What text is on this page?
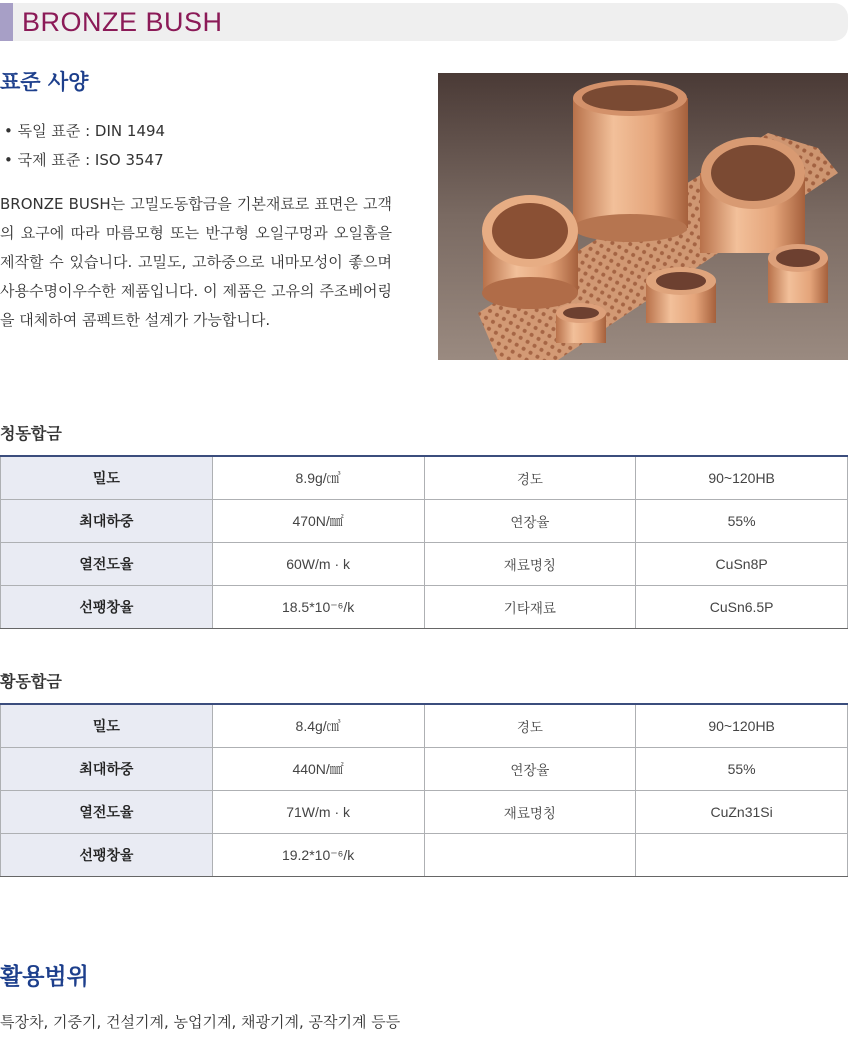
BRONZE BUSH
표준 사양
• 독일 표준 : DIN 1494
• 국제 표준 : ISO 3547
BRONZE BUSH는 고밀도동합금을 기본재료로 표면은 고객의 요구에 따라 마름모형 또는 반구형 오일구멍과 오일홈을 제작할 수 있습니다. 고밀도, 고하중으로 내마모성이 좋으며 사용수명이우수한 제품입니다. 이 제품은 고유의 주조베어링을 대체하여 콤펙트한 설계가 가능합니다.
청동합금
밀도	8.9g/㎤	경도	90~120HB
최대하중	470N/㎟	연장율	55%
열전도율	60W/m · k	재료명칭	CuSn8P
선팽창율	18.5*10⁻⁶/k	기타재료	CuSn6.5P
황동합금
밀도	8.4g/㎤	경도	90~120HB
최대하중	440N/㎟	연장율	55%
열전도율	71W/m · k	재료명칭	CuZn31Si
선팽창율	19.2*10⁻⁶/k		
활용범위
특장차, 기중기, 건설기계, 농업기계, 채광기계, 공작기계 등등
